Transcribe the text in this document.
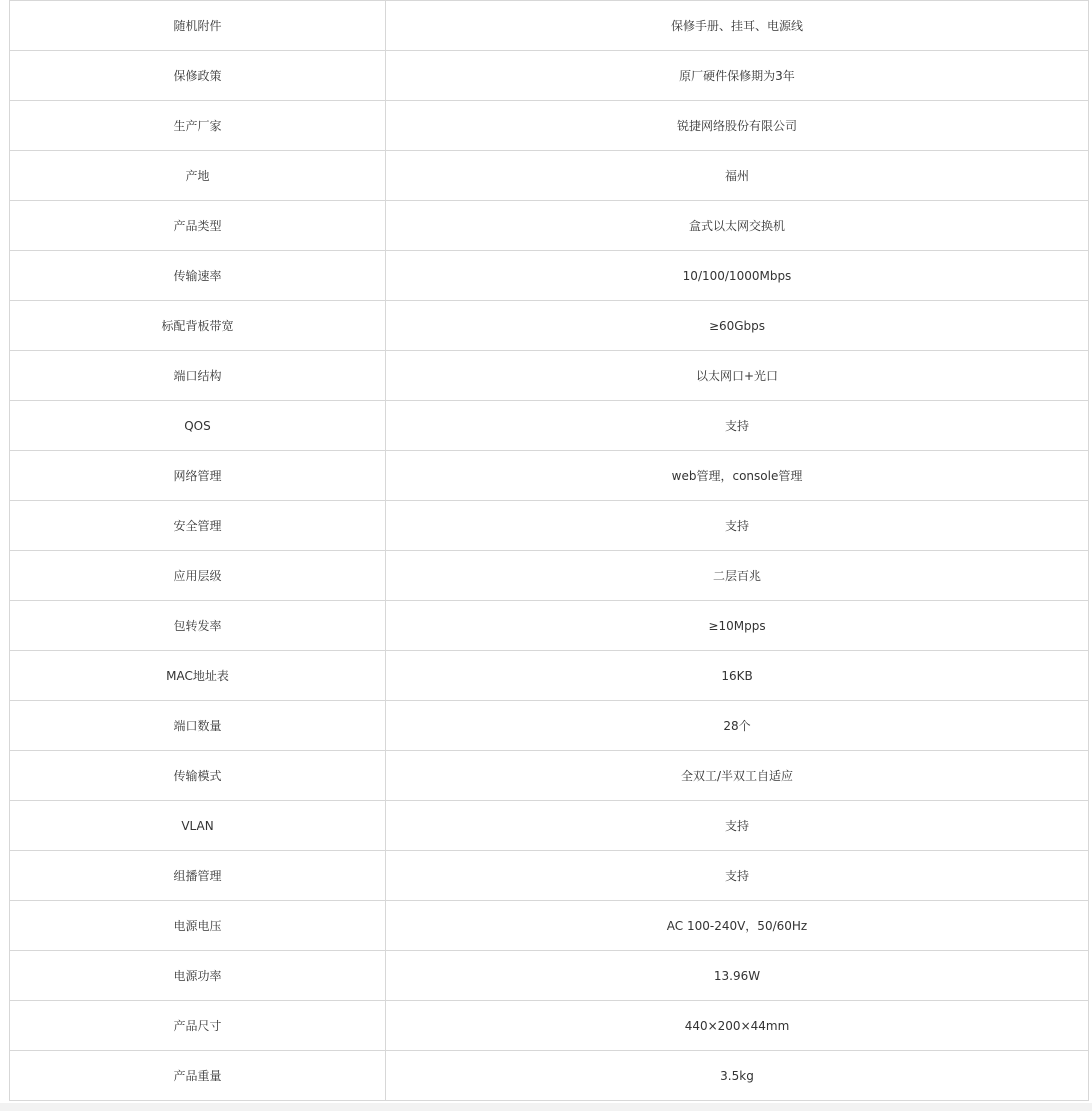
随机附件	保修手册、挂耳、电源线
保修政策	原厂硬件保修期为3年
生产厂家	锐捷网络股份有限公司
产地	福州
产品类型	盒式以太网交换机
传输速率	10/100/1000Mbps
标配背板带宽	≥60Gbps
端口结构	以太网口+光口
QOS	支持
网络管理	web管理，console管理
安全管理	支持
应用层级	二层百兆
包转发率	≥10Mpps
MAC地址表	16KB
端口数量	28个
传输模式	全双工/半双工自适应
VLAN	支持
组播管理	支持
电源电压	AC 100-240V，50/60Hz
电源功率	13.96W
产品尺寸	440×200×44mm
产品重量	3.5kg
